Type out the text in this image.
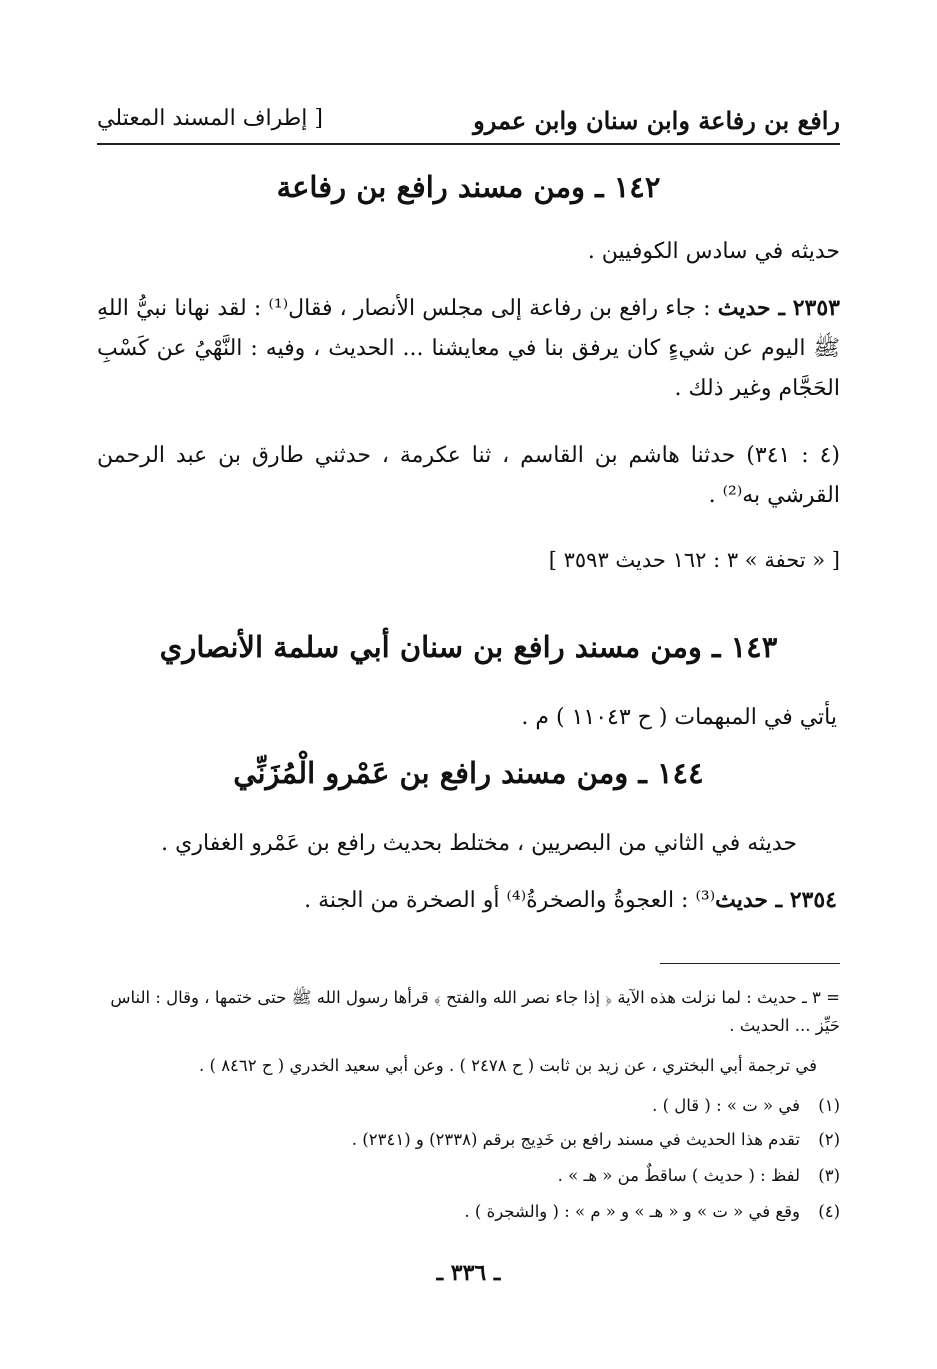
رافع بن رفاعة وابن سنان وابن عمرو
[ إطراف المسند المعتلي
١٤٢ ـ ومن مسند رافع بن رفاعة
حديثه في سادس الكوفيين .
٢٣٥٣ ـ حديث : جاء رافع بن رفاعة إلى مجلس الأنصار ، فقال⁽¹⁾ : لقد نهانا نبيُّ اللهِ ﷺ اليوم عن شيءٍ كان يرفق بنا في معايشنا ... الحديث ، وفيه : النَّهْيُ عن كَسْبِ الحَجَّام وغير ذلك .
(٤ : ٣٤١) حدثنا هاشم بن القاسم ، ثنا عكرمة ، حدثني طارق بن عبد الرحمن القرشي به⁽²⁾ .
[ « تحفة » ٣ : ١٦٢ حديث ٣٥٩٣ ]
١٤٣ ـ ومن مسند رافع بن سنان أبي سلمة الأنصاري
يأتي في المبهمات ( ح ١١٠٤٣ ) م .
١٤٤ ـ ومن مسند رافع بن عَمْرو الْمُزَنِّي
حديثه في الثاني من البصريين ، مختلط بحديث رافع بن عَمْرو الغفاري .
٢٣٥٤ ـ حديث⁽³⁾ : العجوةُ والصخرةُ⁽⁴⁾ أو الصخرة من الجنة .
= ٣ ـ حديث : لما نزلت هذه الآية ﴿ إذا جاء نصر الله والفتح ﴾ قرأها رسول الله ﷺ حتى ختمها ، وقال : الناس حَيِّز ... الحديث .
في ترجمة أبي البختري ، عن زيد بن ثابت ( ح ٢٤٧٨ ) . وعن أبي سعيد الخدري ( ح ٨٤٦٢ ) .
(١)في « ت » : ( قال ) .
(٢)تقدم هذا الحديث في مسند رافع بن خَدِيج برقم (٢٣٣٨) و (٢٣٤١) .
(٣)لفظ : ( حديث ) ساقطٌ من « هـ » .
(٤)وقع في « ت » و « هـ » و « م » : ( والشجرة ) .
ـ ٣٣٦ ـ
